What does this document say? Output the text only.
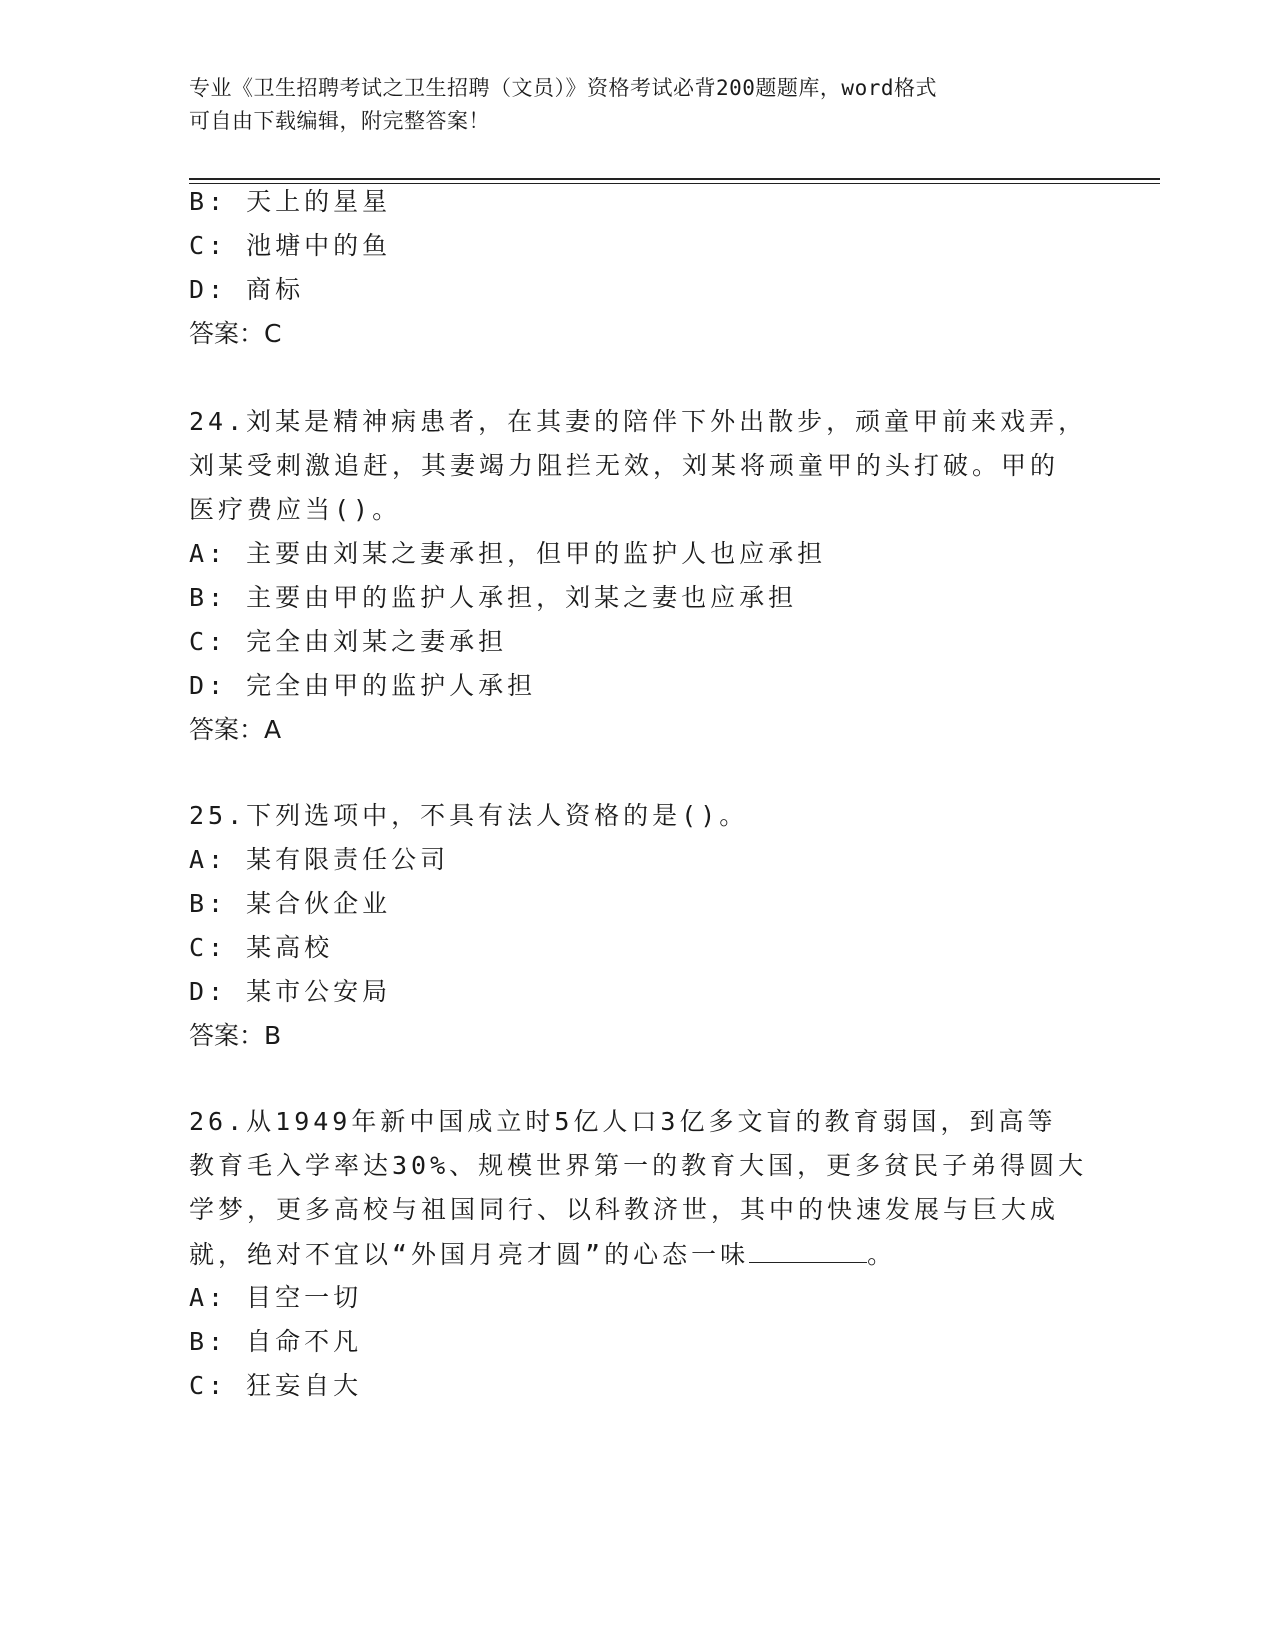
专业《卫生招聘考试之卫生招聘（文员）》资格考试必背200题题库，word格式
可自由下载编辑，附完整答案！
B: 天上的星星
C: 池塘中的鱼
D: 商标
答案：C
24.刘某是精神病患者，在其妻的陪伴下外出散步，顽童甲前来戏弄，
刘某受刺激追赶，其妻竭力阻拦无效，刘某将顽童甲的头打破。甲的
医疗费应当()。
A: 主要由刘某之妻承担，但甲的监护人也应承担
B: 主要由甲的监护人承担，刘某之妻也应承担
C: 完全由刘某之妻承担
D: 完全由甲的监护人承担
答案：A
25.下列选项中，不具有法人资格的是()。
A: 某有限责任公司
B: 某合伙企业
C: 某高校
D: 某市公安局
答案：B
26.从1949年新中国成立时5亿人口3亿多文盲的教育弱国，到高等
教育毛入学率达30%、规模世界第一的教育大国，更多贫民子弟得圆大
学梦，更多高校与祖国同行、以科教济世，其中的快速发展与巨大成
就，绝对不宜以“外国月亮才圆”的心态一味	。
A: 目空一切
B: 自命不凡
C: 狂妄自大
